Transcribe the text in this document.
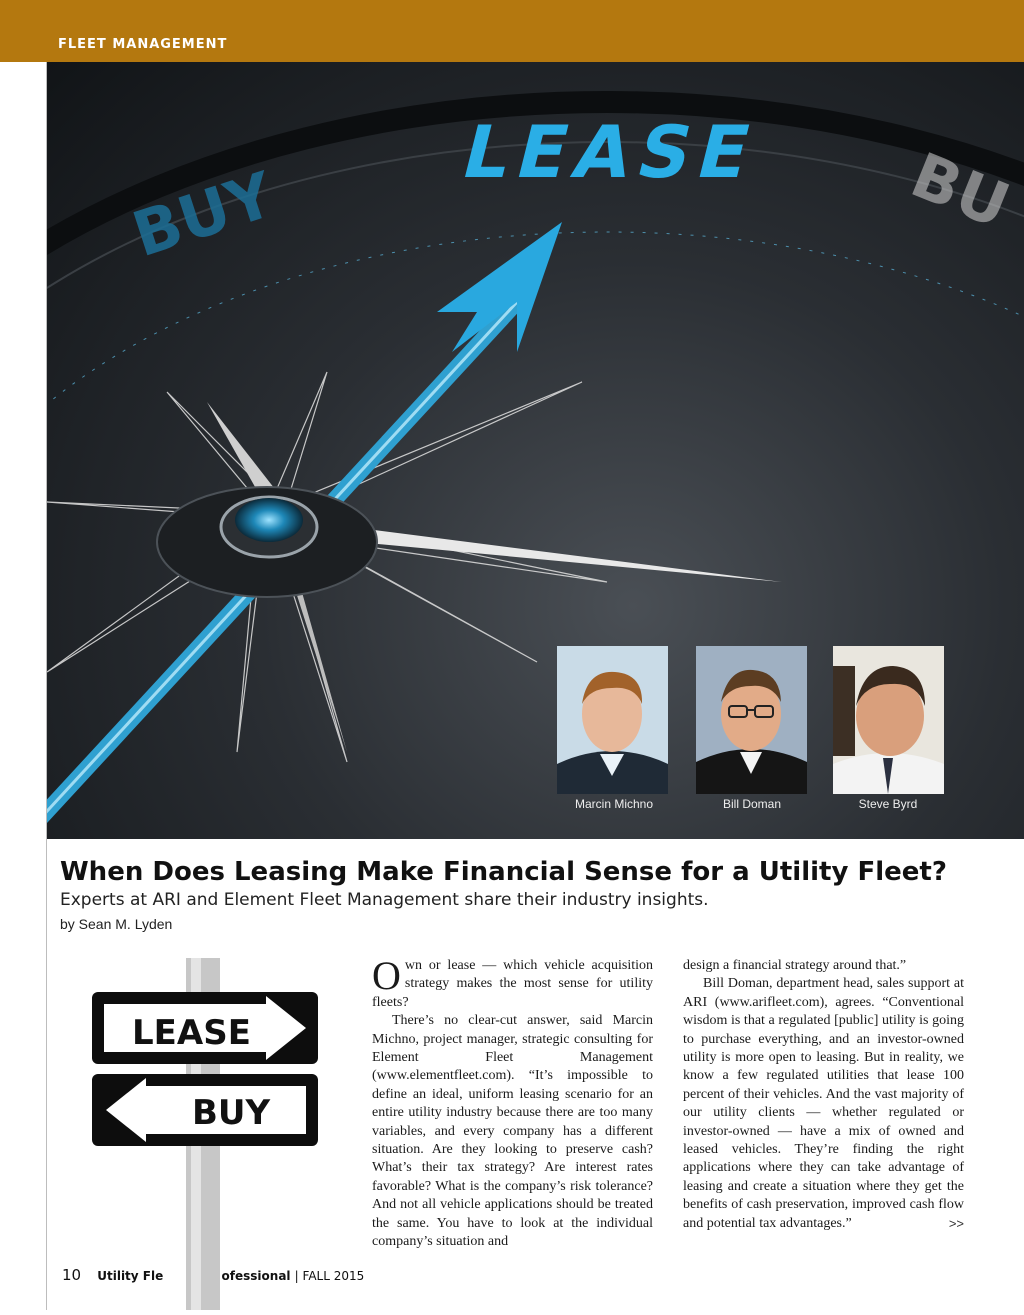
FLEET MANAGEMENT
BUY
LEASE BU
Marcin Michno	Bill Doman	Steve Byrd
When Does Leasing Make Financial Sense for a Utility Fleet?
Experts at ARI and Element Fleet Management share their industry insights.
by Sean M. Lyden
LEASE
BUY

Own or lease — which vehicle acquisition strategy makes the most sense for utility fleets?

There’s no clear-cut answer, said Marcin Michno, project manager, strategic consulting for Element Fleet Management (www.elementfleet.com). “It’s impossible to define an ideal, uniform leasing scenario for an entire utility industry because there are too many variables, and every company has a different situation. Are they looking to preserve cash? What’s their tax strategy? Are interest rates favorable? What is the company’s risk tolerance? And not all vehicle applications should be treated the same. You have to look at the individual company’s situation and

design a financial strategy around that.”

Bill Doman, department head, sales support at ARI (www.arifleet.com), agrees. “Conventional wisdom is that a regulated [public] utility is going to purchase everything, and an investor-owned utility is more open to leasing. But in reality, we know a few regulated utilities that lease 100 percent of their vehicles. And the vast majority of our utility clients — whether regulated or investor-owned — have a mix of owned and leased vehicles. They’re finding the right applications where they can take advantage of leasing and create a situation where they get the benefits of cash preservation, improved cash flow and potential tax advantages.”	>>

10 Utility Fle	ofessional | FALL 2015
